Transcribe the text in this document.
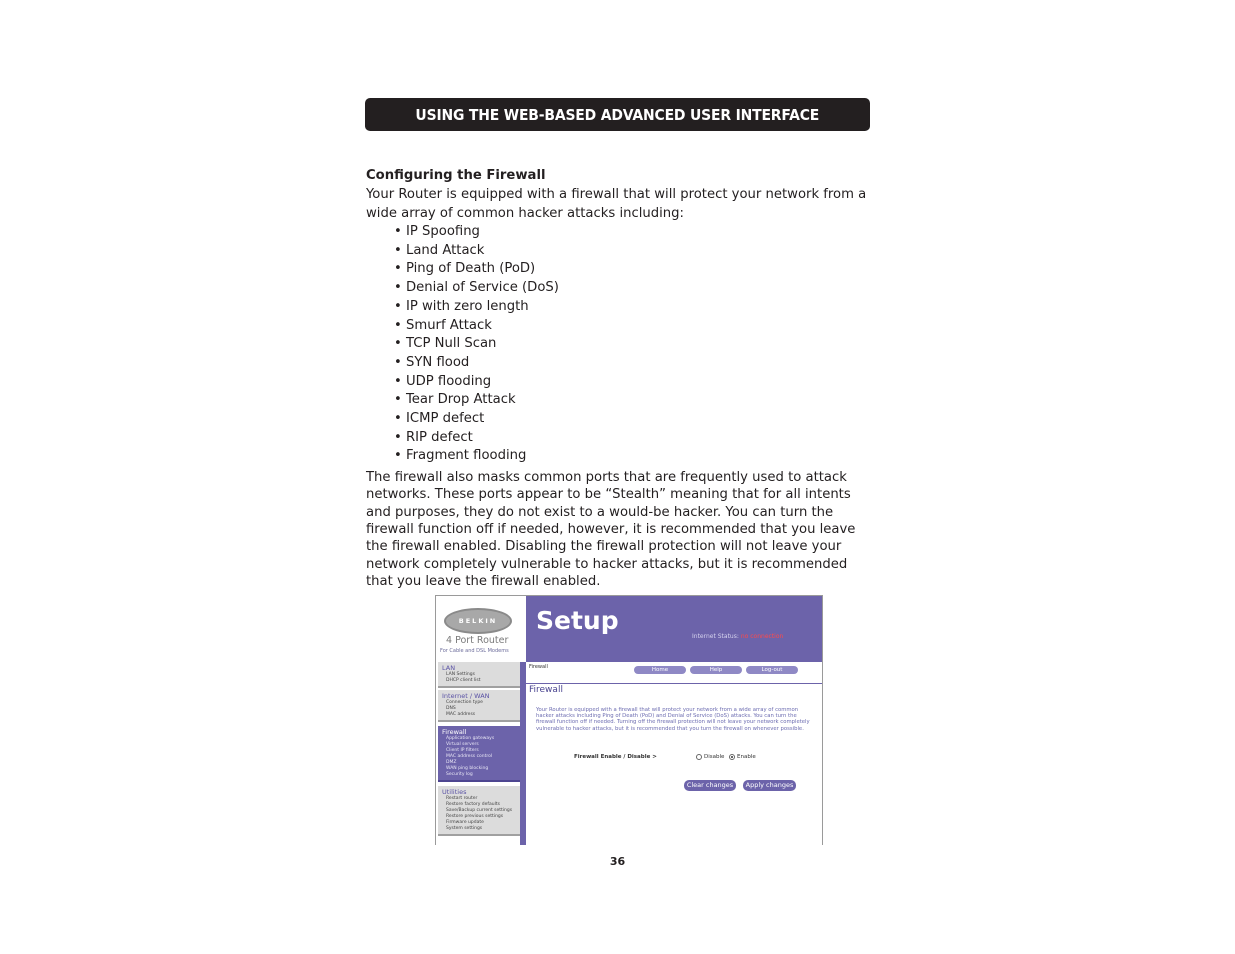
USING THE WEB-BASED ADVANCED USER INTERFACE
Configuring the Firewall

Your Router is equipped with a firewall that will protect your network from a wide array of common hacker attacks including:

• IP Spoofing
• Land Attack
• Ping of Death (PoD)
• Denial of Service (DoS)
• IP with zero length
• Smurf Attack
• TCP Null Scan
• SYN flood
• UDP flooding
• Tear Drop Attack
• ICMP defect
• RIP defect
• Fragment flooding

The firewall also masks common ports that are frequently used to attack networks. These ports appear to be “Stealth” meaning that for all intents and purposes, they do not exist to a would-be hacker. You can turn the firewall function off if needed, however, it is recommended that you leave the firewall enabled. Disabling the firewall protection will not leave your network completely vulnerable to hacker attacks, but it is recommended that you leave the firewall enabled.

BELKIN
4 Port Router
For Cable and DSL Modems
LAN
LAN Settings
DHCP client list
Internet / WAN
Connection type
DNS
MAC address
Firewall
Application gateways
Virtual servers
Client IP filters
MAC address control
DMZ
WAN ping blocking
Security log
Utilities
Restart router
Restore factory defaults
Save/Backup current settings
Restore previous settings
Firmware update
System settings
Setup
Internet Status: no connection
Firewall	Home	Help	Log-out
Firewall
Your Router is equipped with a firewall that will protect your network from a wide array of common hacker attacks including Ping of Death (PoD) and Denial of Service (DoS) attacks. You can turn the firewall function off if needed. Turning off the firewall protection will not leave your network completely vulnerable to hacker attacks, but it is recommended that you turn the firewall on whenever possible.
Firewall Enable / Disable >	Disable Enable
Clear changes	Apply changes
36
